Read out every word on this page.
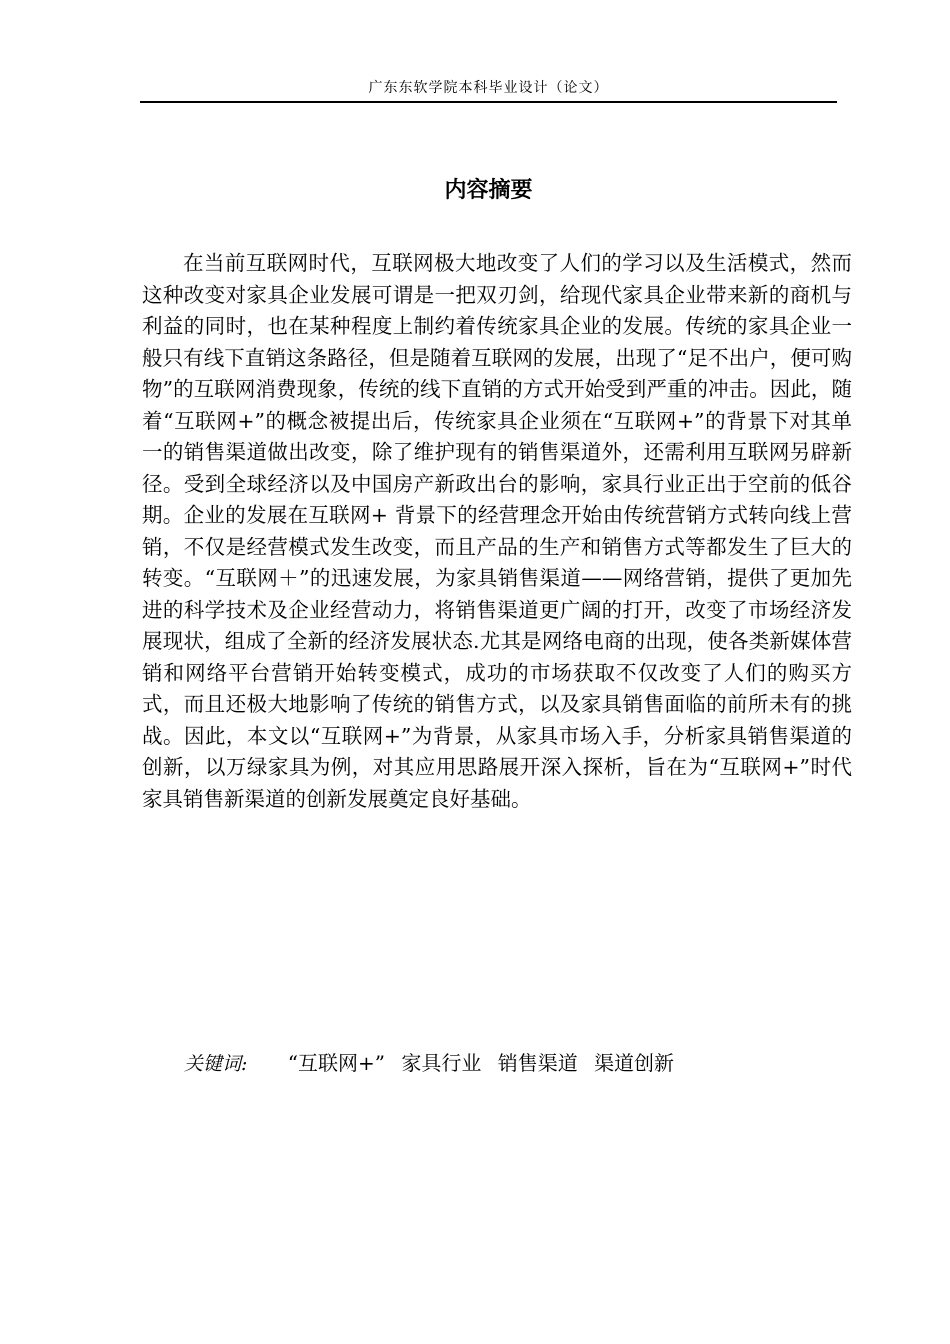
广东东软学院本科毕业设计（论文）
内容摘要

在当前互联网时代，互联网极大地改变了人们的学习以及生活模式，然而这种改变对家具企业发展可谓是一把双刃剑，给现代家具企业带来新的商机与利益的同时，也在某种程度上制约着传统家具企业的发展。传统的家具企业一般只有线下直销这条路径，但是随着互联网的发展，出现了“足不出户，便可购物”的互联网消费现象，传统的线下直销的方式开始受到严重的冲击。因此，随着“互联网+”的概念被提出后，传统家具企业须在“互联网+”的背景下对其单一的销售渠道做出改变，除了维护现有的销售渠道外，还需利用互联网另辟新径。受到全球经济以及中国房产新政出台的影响，家具行业正出于空前的低谷期。企业的发展在互联网+ 背景下的经营理念开始由传统营销方式转向线上营销，不仅是经营模式发生改变，而且产品的生产和销售方式等都发生了巨大的转变。“互联网＋”的迅速发展，为家具销售渠道——网络营销，提供了更加先进的科学技术及企业经营动力，将销售渠道更广阔的打开，改变了市场经济发展现状，组成了全新的经济发展状态.尤其是网络电商的出现，使各类新媒体营销和网络平台营销开始转变模式，成功的市场获取不仅改变了人们的购买方式，而且还极大地影响了传统的销售方式，以及家具销售面临的前所未有的挑战。因此，本文以“互联网+”为背景，从家具市场入手，分析家具销售渠道的创新，以万绿家具为例，对其应用思路展开深入探析，旨在为“互联网+”时代家具销售新渠道的创新发展奠定良好基础。

关键词: “互联网+” 家具行业 销售渠道 渠道创新
